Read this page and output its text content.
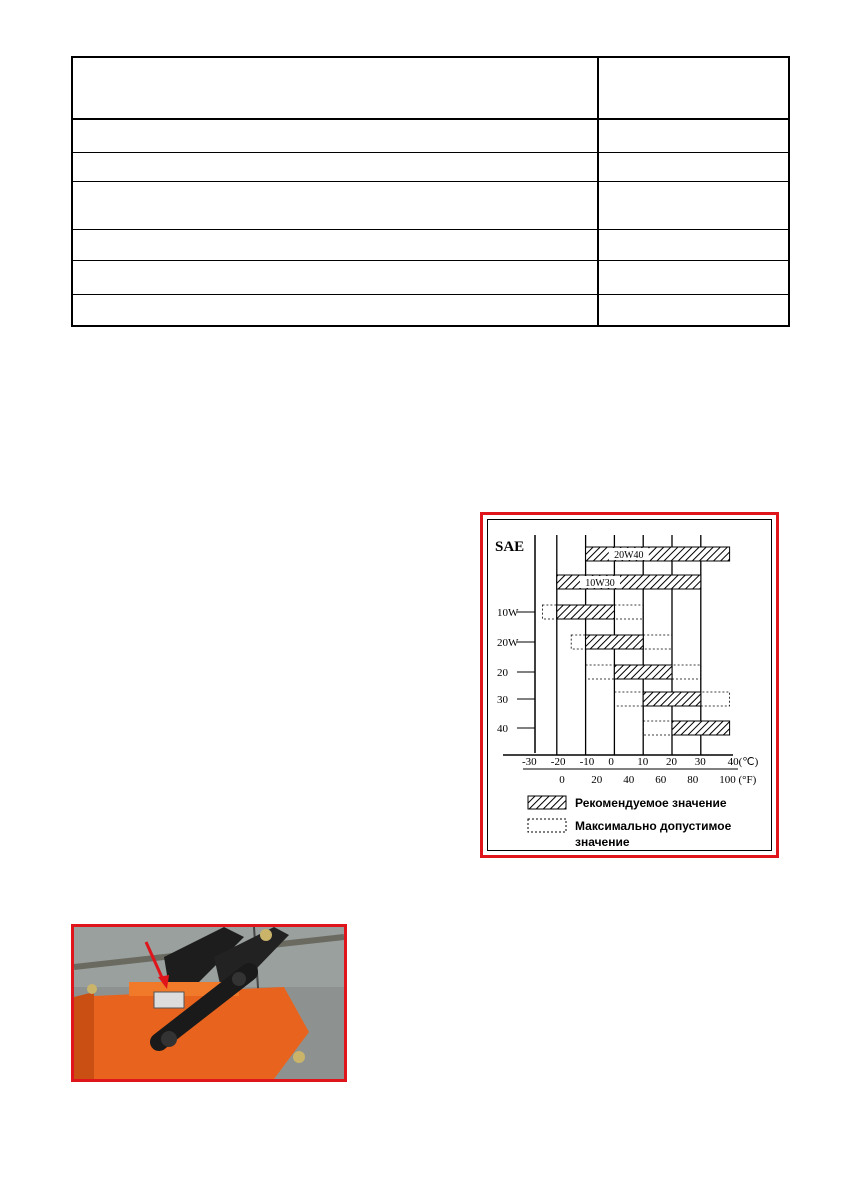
SAE
20W40
10W30
10W
20W
20
30
40
-30 -20 -10 0 10 20 30 40(℃)
0 20 40 60 80 100 (°F)
Рекомендуемое значение
Максимально допустимое
значение
